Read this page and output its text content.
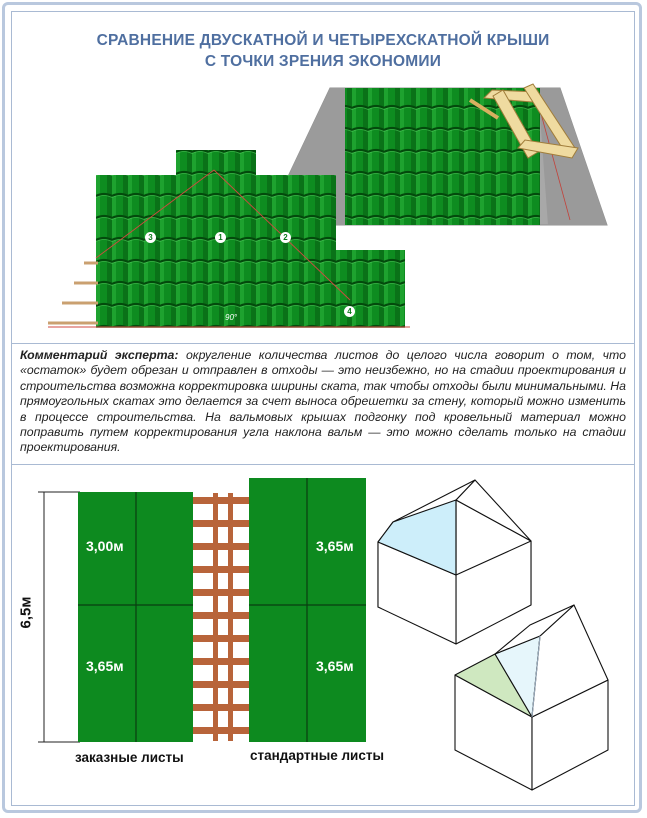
СРАВНЕНИЕ ДВУСКАТНОЙ И ЧЕТЫРЕХСКАТНОЙ КРЫШИ
С ТОЧКИ ЗРЕНИЯ ЭКОНОМИИ
3	1	2
4
90°
Комментарий эксперта: округление количества листов до целого числа говорит о том, что «остаток» будет обрезан и отправлен в отходы — это неизбежно, но на стадии проектирования и строительства возможна корректировка ширины ската, так чтобы отходы были минимальными. На прямоугольных скатах это делается за счет выноса обрешетки за стену, который можно изменить в процессе строительства. На вальмовых крышах подгонку под кровельный материал можно поправить путем корректирования угла наклона вальм — это можно сделать только на стадии проектирования.
6,5м
3,00м
3,65м
3,65м
3,65м
заказные листы	стандартные листы
